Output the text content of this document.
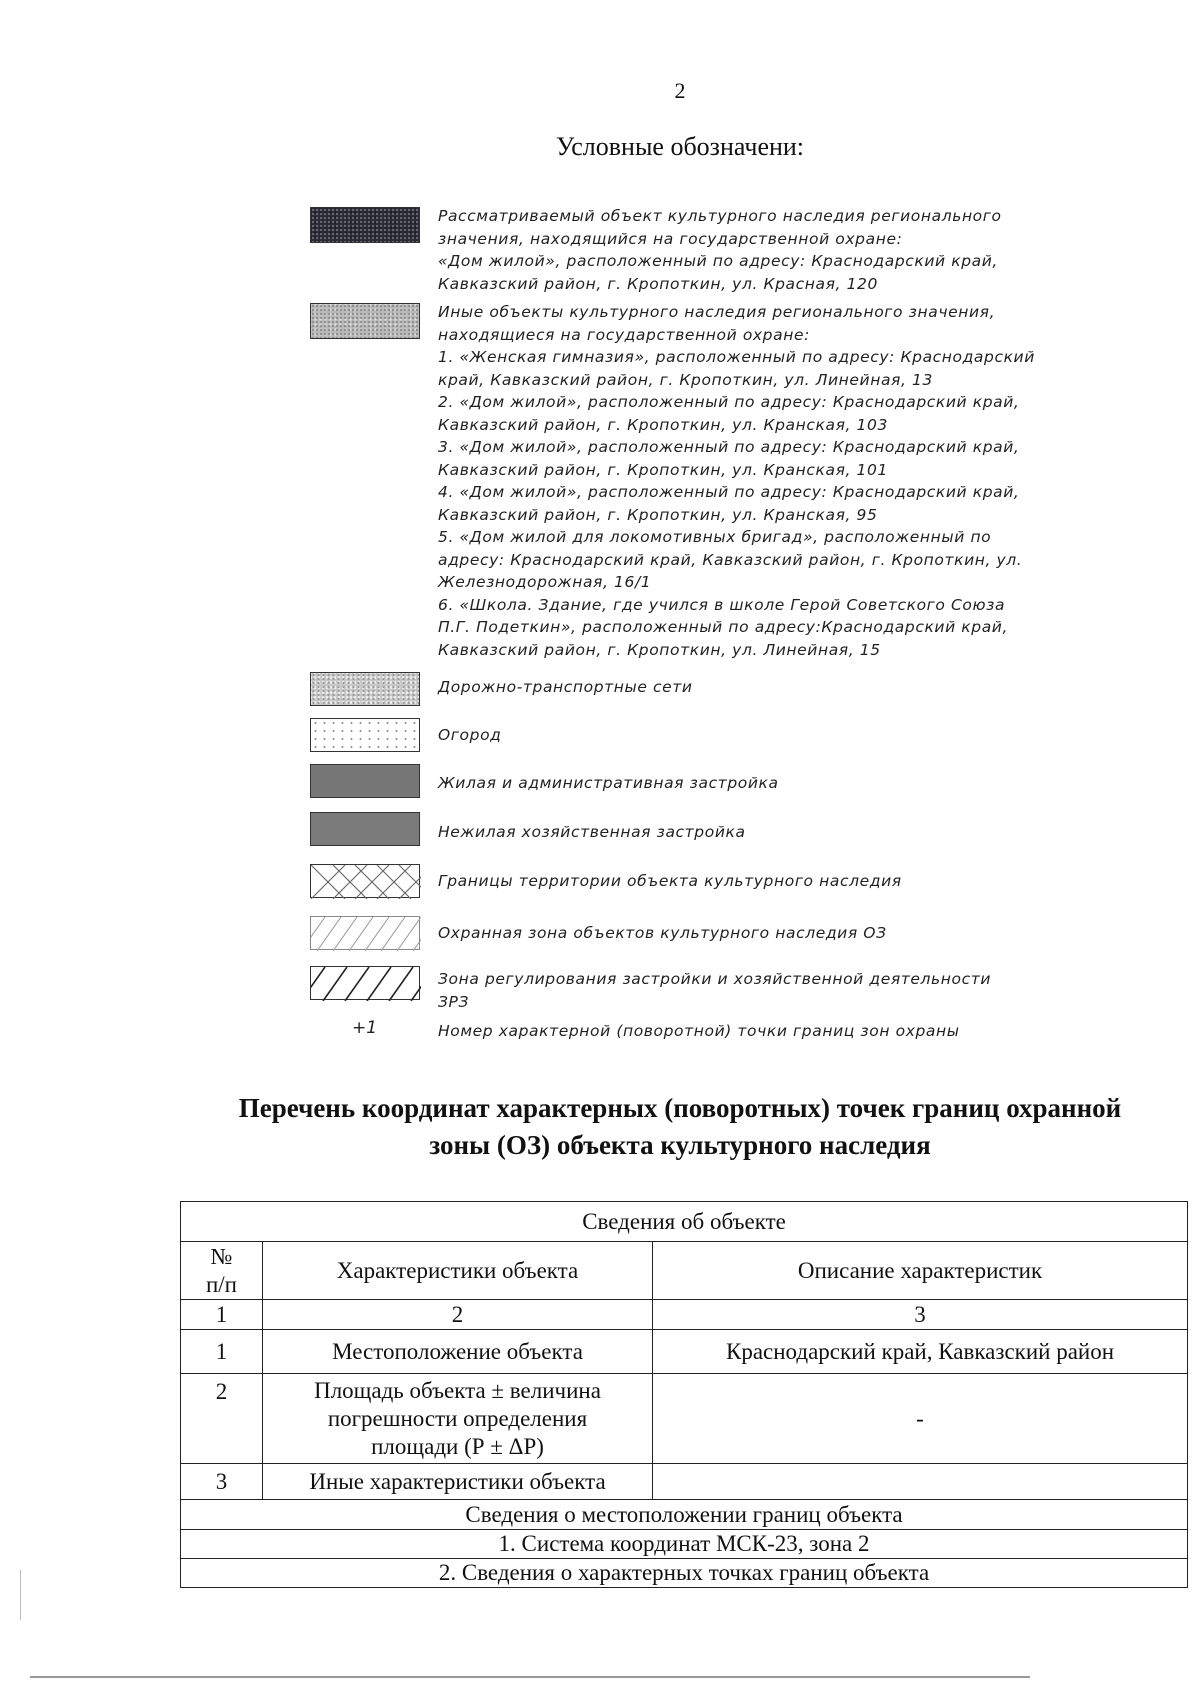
2
Условные обозначени:
Рассматриваемый объект культурного наследия регионального
значения, находящийся на государственной охране:
«Дом жилой», расположенный по адресу: Краснодарский край,
Кавказский район, г. Кропоткин, ул. Красная, 120
Иные объекты культурного наследия регионального значения,
находящиеся на государственной охране:
1. «Женская гимназия», расположенный по адресу: Краснодарский
край, Кавказский район, г. Кропоткин, ул. Линейная, 13
2. «Дом жилой», расположенный по адресу: Краснодарский край,
Кавказский район, г. Кропоткин, ул. Кранская, 103
3. «Дом жилой», расположенный по адресу: Краснодарский край,
Кавказский район, г. Кропоткин, ул. Кранская, 101
4. «Дом жилой», расположенный по адресу: Краснодарский край,
Кавказский район, г. Кропоткин, ул. Кранская, 95
5. «Дом жилой для локомотивных бригад», расположенный по
адресу: Краснодарский край, Кавказский район, г. Кропоткин, ул.
Железнодорожная, 16/1
6. «Школа. Здание, где учился в школе Герой Советского Союза
П.Г. Подеткин», расположенный по адресу:Краснодарский край,
Кавказский район, г. Кропоткин, ул. Линейная, 15
Дорожно-транспортные сети
Огород
Жилая и административная застройка
Нежилая хозяйственная застройка
Границы территории объекта культурного наследия
Охранная зона объектов культурного наследия ОЗ
Зона регулирования застройки и хозяйственной деятельности
ЗРЗ
+1	Номер характерной (поворотной) точки границ зон охраны
Перечень координат характерных (поворотных) точек границ охранной
зоны (ОЗ) объекта культурного наследия
Сведения об объекте		
№
п/п	Характеристики объекта	Описание характеристик
1	2	3
1	Местоположение объекта	Краснодарский край, Кавказский район
2	Площадь объекта ± величина
погрешности определения
площади (Р ± ΔР)	-
3	Иные характеристики объекта	
Сведения о местоположении границ объекта		
1. Система координат МСК-23, зона 2		
2. Сведения о характерных точках границ объекта		
